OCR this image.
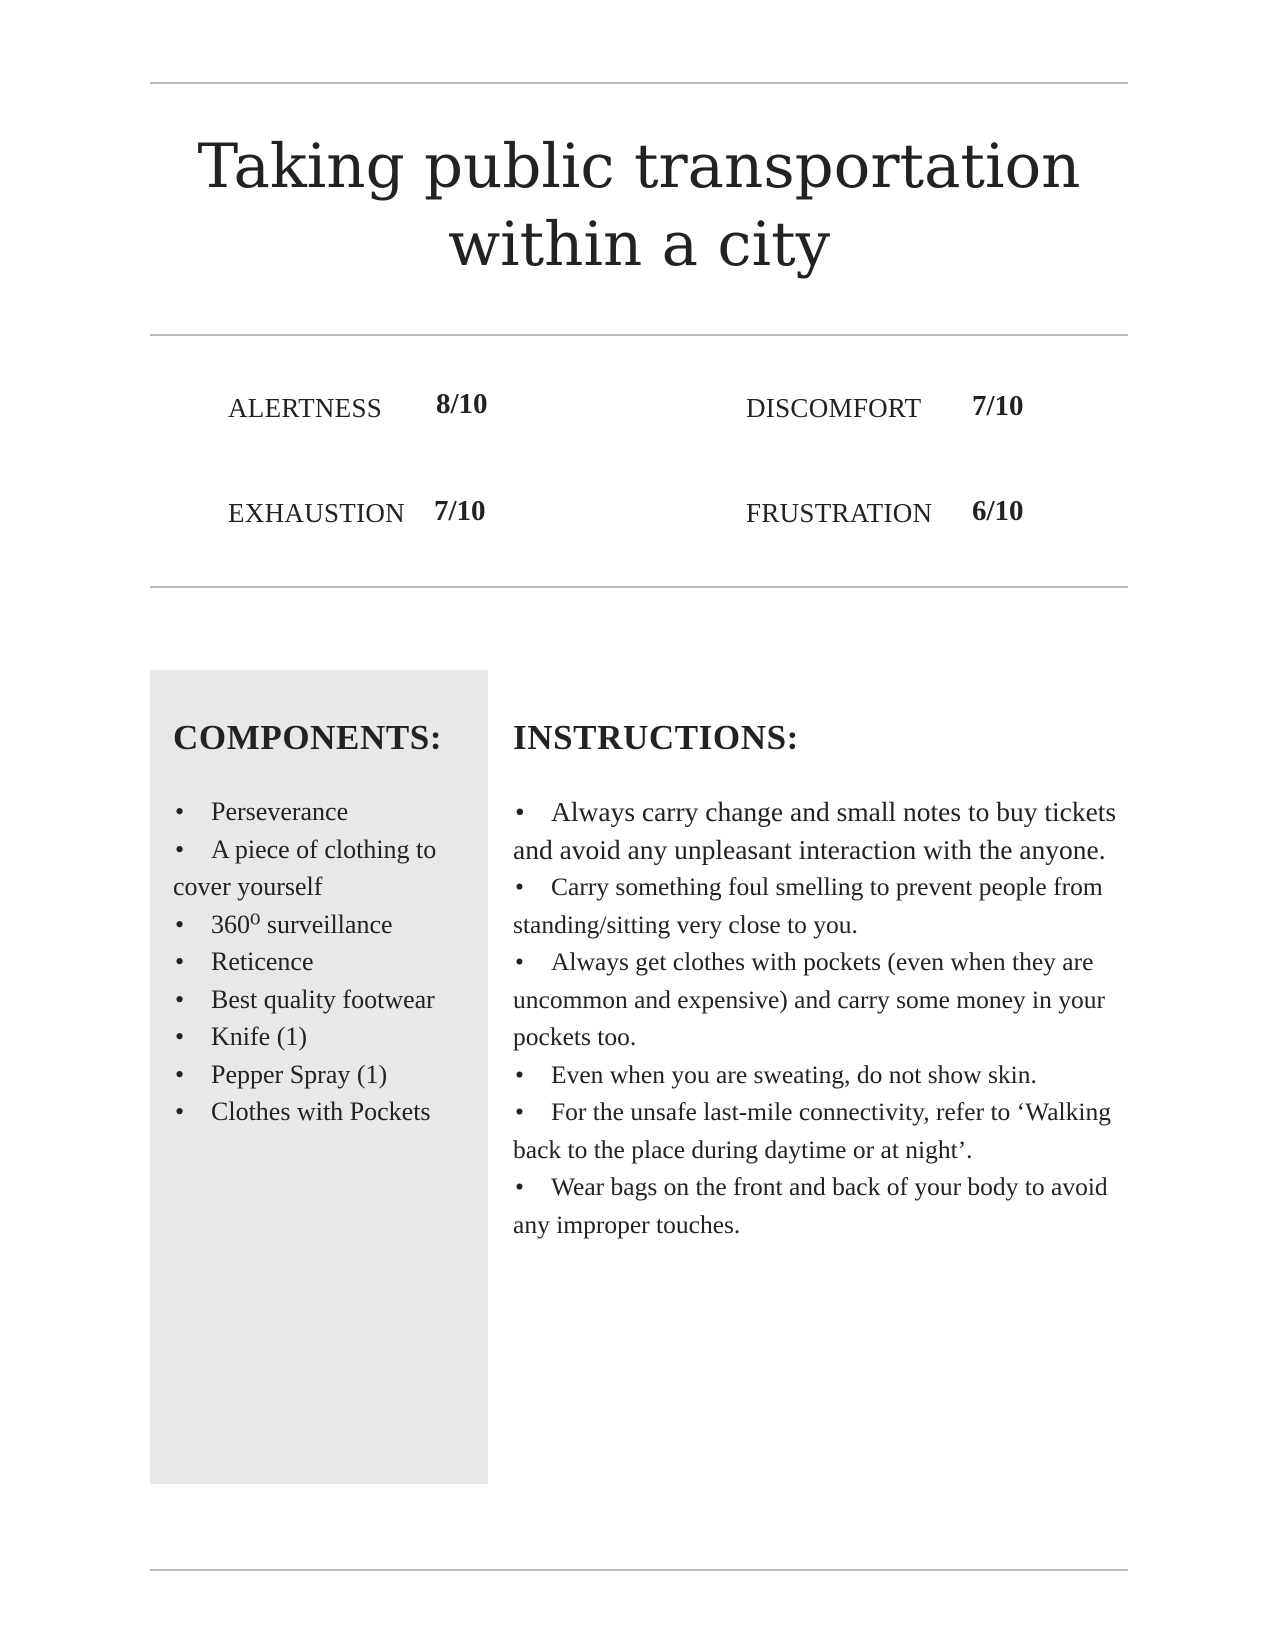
Taking public transportation
within a city
ALERTNESS 8/10	DISCOMFORT 7/10
EXHAUSTION 7/10	FRUSTRATION 6/10
COMPONENTS:
• Perseverance
• A piece of clothing to cover yourself
• 360⁰ surveillance
• Reticence
• Best quality footwear
• Knife (1)
• Pepper Spray (1)
• Clothes with Pockets
INSTRUCTIONS:
• Always carry change and small notes to buy tickets and avoid any unpleasant interaction with the anyone.
• Carry something foul smelling to prevent people from standing/sitting very close to you.
• Always get clothes with pockets (even when they are uncommon and expensive) and carry some money in your pockets too.
• Even when you are sweating, do not show skin.
• For the unsafe last-mile connectivity, refer to ‘Walking back to the place during daytime or at night’.
• Wear bags on the front and back of your body to avoid any improper touches.
